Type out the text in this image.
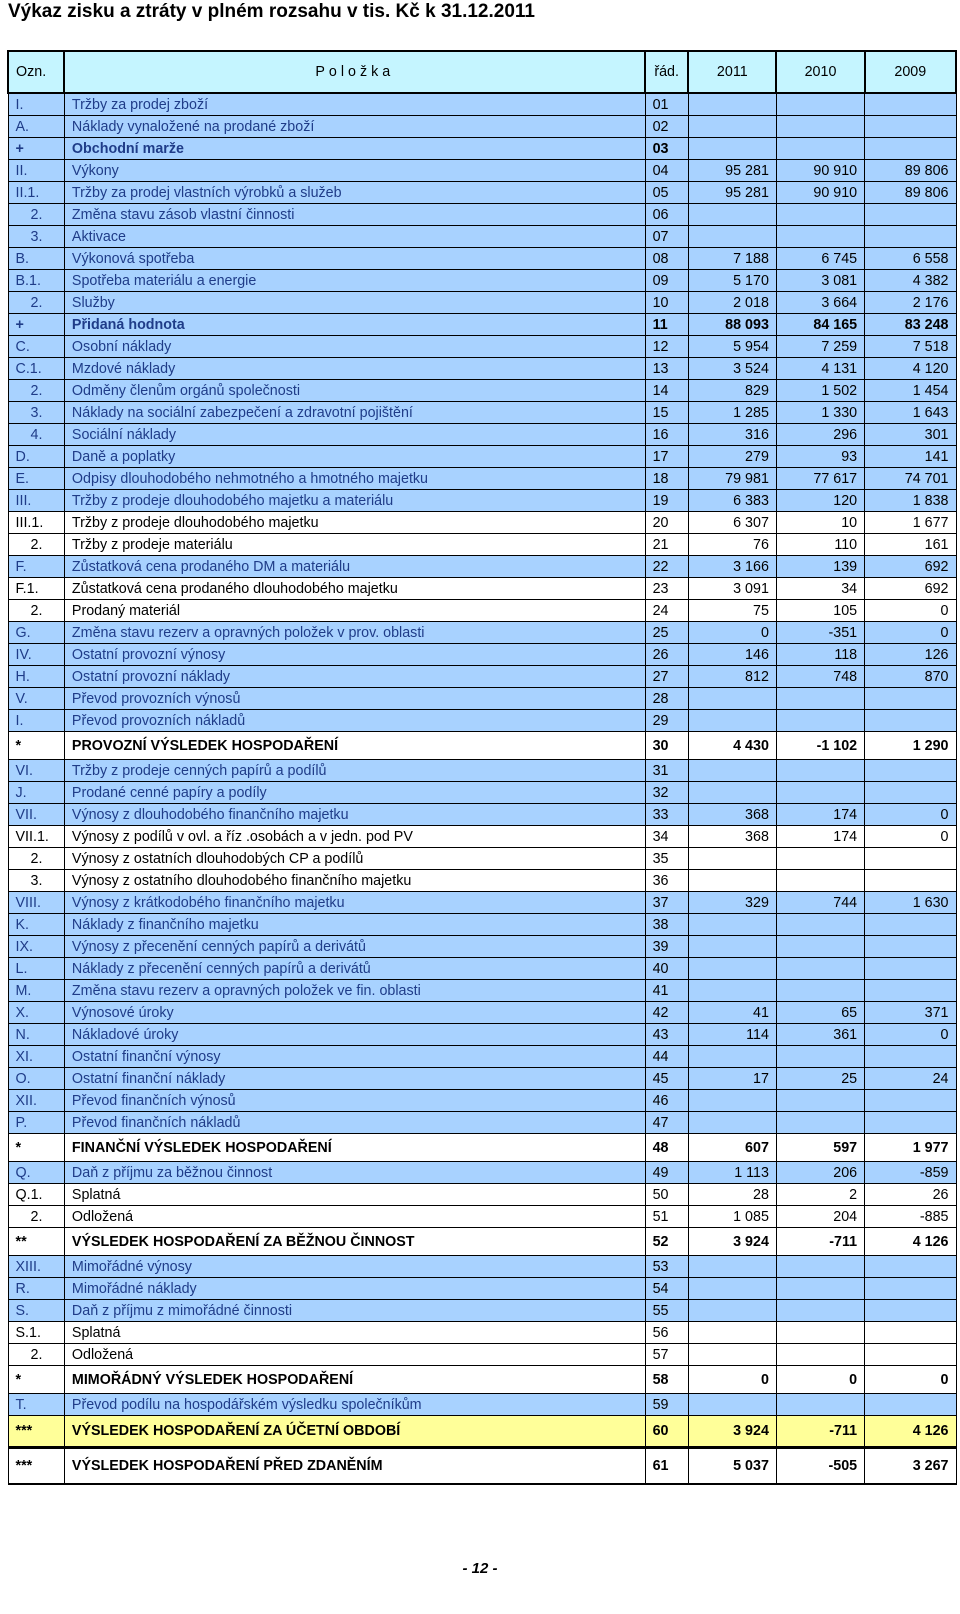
Výkaz zisku a ztráty v plném rozsahu v tis. Kč k 31.12.2011
Ozn.	Položka	řád.	2011	2010	2009
I.	Tržby za prodej zboží	01			
A.	Náklady vynaložené na prodané zboží	02			
+	Obchodní marže	03			
II.	Výkony	04	95 281	90 910	89 806
II.1.	Tržby za prodej vlastních výrobků a služeb	05	95 281	90 910	89 806
2.	Změna stavu zásob vlastní činnosti	06			
3.	Aktivace	07			
B.	Výkonová spotřeba	08	7 188	6 745	6 558
B.1.	Spotřeba materiálu a energie	09	5 170	3 081	4 382
2.	Služby	10	2 018	3 664	2 176
+	Přidaná hodnota	11	88 093	84 165	83 248
C.	Osobní náklady	12	5 954	7 259	7 518
C.1.	Mzdové náklady	13	3 524	4 131	4 120
2.	Odměny členům orgánů společnosti	14	829	1 502	1 454
3.	Náklady na sociální zabezpečení a zdravotní pojištění	15	1 285	1 330	1 643
4.	Sociální náklady	16	316	296	301
D.	Daně a poplatky	17	279	93	141
E.	Odpisy dlouhodobého nehmotného a hmotného majetku	18	79 981	77 617	74 701
III.	Tržby z prodeje dlouhodobého majetku a materiálu	19	6 383	120	1 838
III.1.	Tržby z prodeje dlouhodobého majetku	20	6 307	10	1 677
2.	Tržby z prodeje materiálu	21	76	110	161
F.	Zůstatková cena prodaného DM a materiálu	22	3 166	139	692
F.1.	Zůstatková cena prodaného dlouhodobého majetku	23	3 091	34	692
2.	Prodaný materiál	24	75	105	0
G.	Změna stavu rezerv a opravných položek v prov. oblasti	25	0	-351	0
IV.	Ostatní provozní výnosy	26	146	118	126
H.	Ostatní provozní náklady	27	812	748	870
V.	Převod provozních výnosů	28			
I.	Převod provozních nákladů	29			
*	PROVOZNÍ VÝSLEDEK HOSPODAŘENÍ	30	4 430	-1 102	1 290
VI.	Tržby z prodeje cenných papírů a podílů	31			
J.	Prodané cenné papíry a podíly	32			
VII.	Výnosy z dlouhodobého finančního majetku	33	368	174	0
VII.1.	Výnosy z podílů v ovl. a říz .osobách a v jedn. pod PV	34	368	174	0
2.	Výnosy z ostatních dlouhodobých CP a podílů	35			
3.	Výnosy z ostatního dlouhodobého finančního majetku	36			
VIII.	Výnosy z krátkodobého finančního majetku	37	329	744	1 630
K.	Náklady z finančního majetku	38			
IX.	Výnosy z přecenění cenných papírů a derivátů	39			
L.	Náklady z přecenění cenných papírů a derivátů	40			
M.	Změna stavu rezerv a opravných položek ve fin. oblasti	41			
X.	Výnosové úroky	42	41	65	371
N.	Nákladové úroky	43	114	361	0
XI.	Ostatní finanční výnosy	44			
O.	Ostatní finanční náklady	45	17	25	24
XII.	Převod finančních výnosů	46			
P.	Převod finančních nákladů	47			
*	FINANČNÍ VÝSLEDEK HOSPODAŘENÍ	48	607	597	1 977
Q.	Daň z příjmu za běžnou činnost	49	1 113	206	-859
Q.1.	Splatná	50	28	2	26
2.	Odložená	51	1 085	204	-885
**	VÝSLEDEK HOSPODAŘENÍ ZA BĚŽNOU ČINNOST	52	3 924	-711	4 126
XIII.	Mimořádné výnosy	53			
R.	Mimořádné náklady	54			
S.	Daň z příjmu z mimořádné činnosti	55			
S.1.	Splatná	56			
2.	Odložená	57			
*	MIMOŘÁDNÝ VÝSLEDEK HOSPODAŘENÍ	58	0	0	0
T.	Převod podílu na hospodářském výsledku společníkům	59			
***	VÝSLEDEK HOSPODAŘENÍ ZA ÚČETNÍ OBDOBÍ	60	3 924	-711	4 126
***	VÝSLEDEK HOSPODAŘENÍ PŘED ZDANĚNÍM	61	5 037	-505	3 267
- 12 -
